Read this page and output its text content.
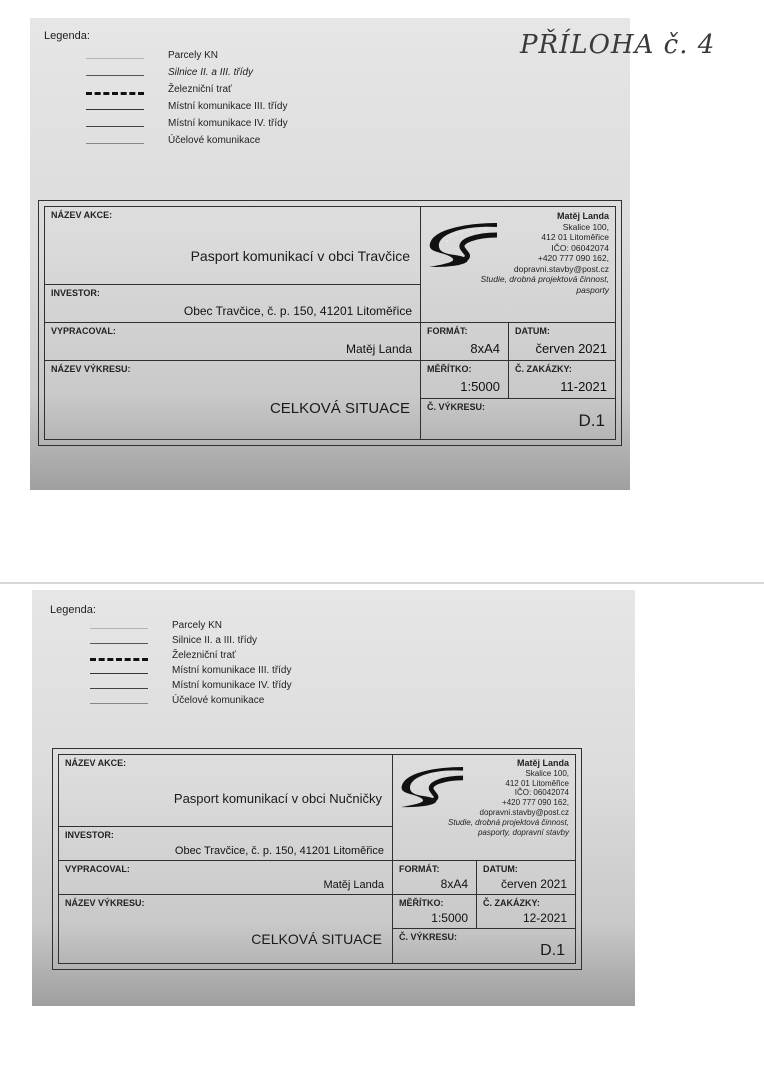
Legenda:
Parcely KN
Silnice II. a III. třídy
Železniční trať
Místní komunikace III. třídy
Místní komunikace IV. třídy
Účelové komunikace
NÁZEV AKCE:
Pasport komunikací v obci Travčice
INVESTOR:
Obec Travčice, č. p. 150, 41201 Litoměřice
VYPRACOVAL:
Matěj Landa
NÁZEV VÝKRESU:
CELKOVÁ SITUACE
Matěj Landa
Skalice 100,
412 01 Litoměřice
IČO: 06042074
+420 777 090 162,
dopravni.stavby@post.cz
Studie, drobná projektová činnost,
pasporty
FORMÁT:
8xA4
DATUM:
červen 2021
MĚŘÍTKO:
1:5000
Č. ZAKÁZKY:
11-2021
Č. VÝKRESU:
D.1
PŘÍLOHA č. 4
Legenda:
Parcely KN
Silnice II. a III. třídy
Železniční trať
Místní komunikace III. třídy
Místní komunikace IV. třídy
Účelové komunikace
NÁZEV AKCE:
Pasport komunikací v obci Nučničky
INVESTOR:
Obec Travčice, č. p. 150, 41201 Litoměřice
VYPRACOVAL:
Matěj Landa
NÁZEV VÝKRESU:
CELKOVÁ SITUACE
Matěj Landa
Skalice 100,
412 01 Litoměřice
IČO: 06042074
+420 777 090 162,
dopravni.stavby@post.cz
Studie, drobná projektová činnost,
pasporty, dopravní stavby
FORMÁT:
8xA4
DATUM:
červen 2021
MĚŘÍTKO:
1:5000
Č. ZAKÁZKY:
12-2021
Č. VÝKRESU:
D.1
